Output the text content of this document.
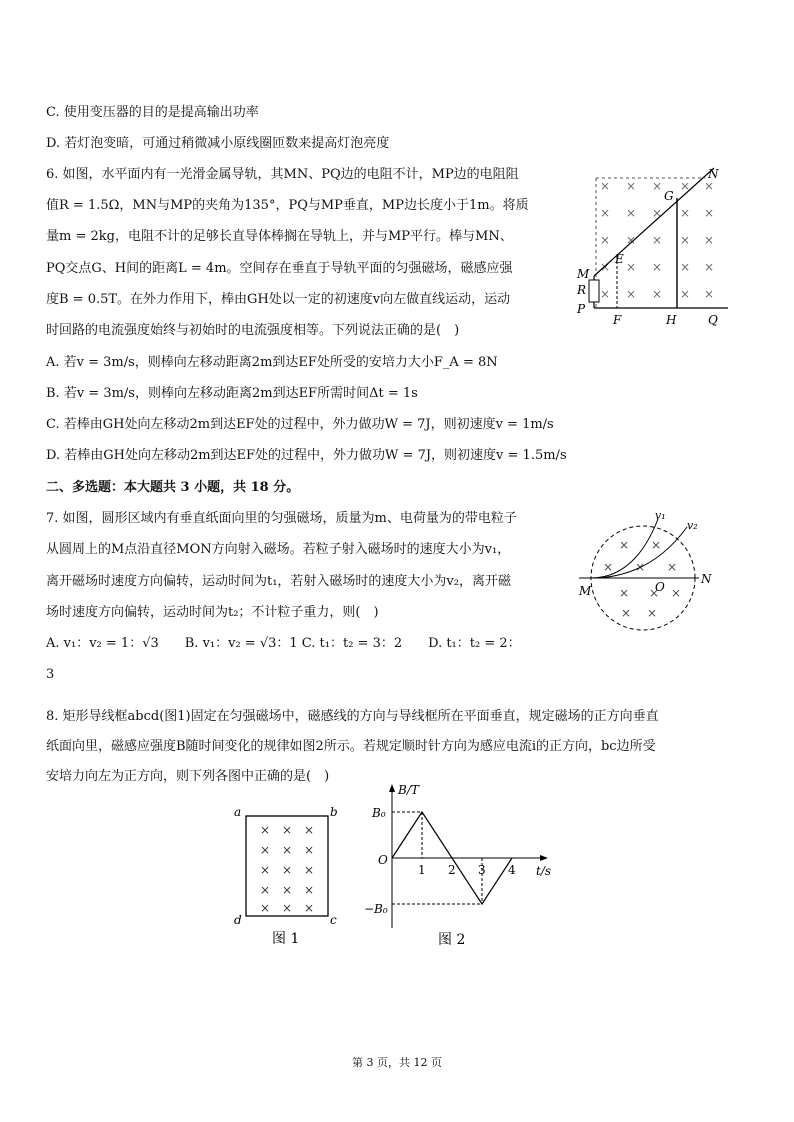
C. 使用变压器的目的是提高输出功率
D. 若灯泡变暗，可通过稍微减小原线圈匝数来提高灯泡亮度
6. 如图，水平面内有一光滑金属导轨，其MN、PQ边的电阻不计，MP边的电阻阻
值R = 1.5Ω，MN与MP的夹角为135°，PQ与MP垂直，MP边长度小于1m。将质
量m = 2kg，电阻不计的足够长直导体棒搁在导轨上，并与MP平行。棒与MN、
PQ交点G、H间的距离L = 4m。空间存在垂直于导轨平面的匀强磁场，磁感应强
度B = 0.5T。在外力作用下，棒由GH处以一定的初速度v向左做直线运动，运动
时回路的电流强度始终与初始时的电流强度相等。下列说法正确的是(　)
A. 若v = 3m/s，则棒向左移动距离2m到达EF处所受的安培力大小F_A = 8N
B. 若v = 3m/s，则棒向左移动距离2m到达EF所需时间Δt = 1s
C. 若棒由GH处向左移动2m到达EF处的过程中，外力做功W = 7J，则初速度v = 1m/s
D. 若棒由GH处向左移动2m到达EF处的过程中，外力做功W = 7J，则初速度v = 1.5m/s
× × × × ×
× × × × ×
× × × × ×
× × × × ×
× × × × ×
N
G
E
M
R
P
F	H	Q
二、多选题：本大题共 3 小题，共 18 分。
7. 如图，圆形区域内有垂直纸面向里的匀强磁场，质量为m、电荷量为的带电粒子
从圆周上的M点沿直径MON方向射入磁场。若粒子射入磁场时的速度大小为v₁，
离开磁场时速度方向偏转，运动时间为t₁，若射入磁场时的速度大小为v₂，离开磁
场时速度方向偏转，运动时间为t₂；不计粒子重力，则(　)
A. v₁：v₂ = 1：√3　　B. v₁：v₂ = √3：1 C. t₁：t₂ = 3：2　　D. t₁：t₂ = 2：
3
× ×
× × ×
× ×
× ×
×
v₁
v₂
M	O
N
8. 矩形导线框abcd(图1)固定在匀强磁场中，磁感线的方向与导线框所在平面垂直，规定磁场的正方向垂直
纸面向里，磁感应强度B随时间变化的规律如图2所示。若规定顺时针方向为感应电流i的正方向，bc边所受
安培力向左为正方向，则下列各图中正确的是(　)
× × ×
× × ×
× × ×
× × ×
× × ×
a	b
c
d
图 1
1 2 3 4
B/T
t/s
B₀
−B₀
O
图 2
第 3 页，共 12 页
